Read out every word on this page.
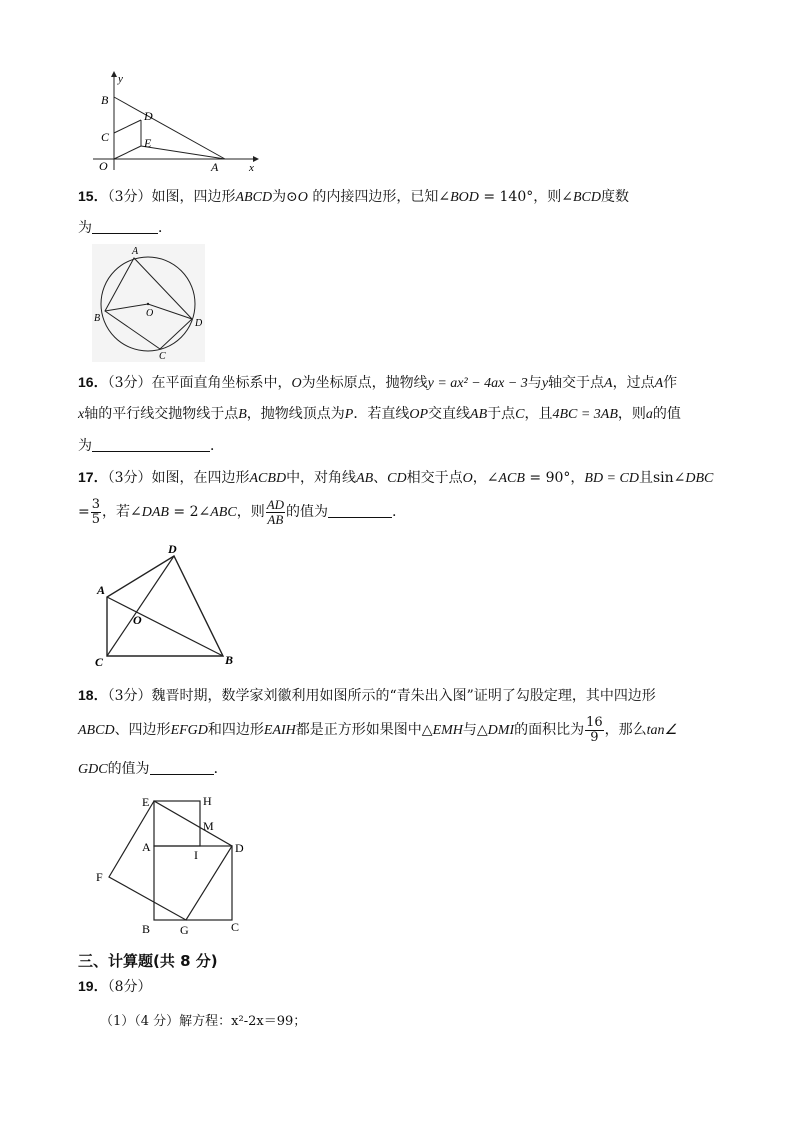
y
x
B
D
C	E
O	A
15．（3分）如图，四边形ABCD为⊙O 的内接四边形，已知∠BOD = 140°，则∠BCD度数
为	．
A
B	O
D
C
16．（3分）在平面直角坐标系中，O为坐标原点，抛物线y = ax² − 4ax − 3与y轴交于点A，过点A作
x轴的平行线交抛物线于点B，抛物线顶点为P．若直线OP交直线AB于点C，且4BC = 3AB，则a的值
为	．
17．（3分）如图，在四边形ACBD中，对角线AB、CD相交于点O，∠ACB = 90°，BD = CD且sin∠DBC
= $\frac{3}{5}$ ，若∠DAB = 2∠ABC，则 $\frac{AD}{AB}$ 的值为	.
D
A
O
C	B
18．（3分）魏晋时期，数学家刘徽利用如图所示的“青朱出入图”证明了勾股定理，其中四边形
ABCD、四边形EFGD和四边形EAIH都是正方形如果图中△EMH与△DMI的面积比为 $\frac{16}{9}$ ，那么tan∠
GDC的值为	．
E	H
M
A
I	D
F
B G	C
三、计算题(共 8 分)
19．（8分）
（1）（4 分）解方程：x²-2x＝99；
